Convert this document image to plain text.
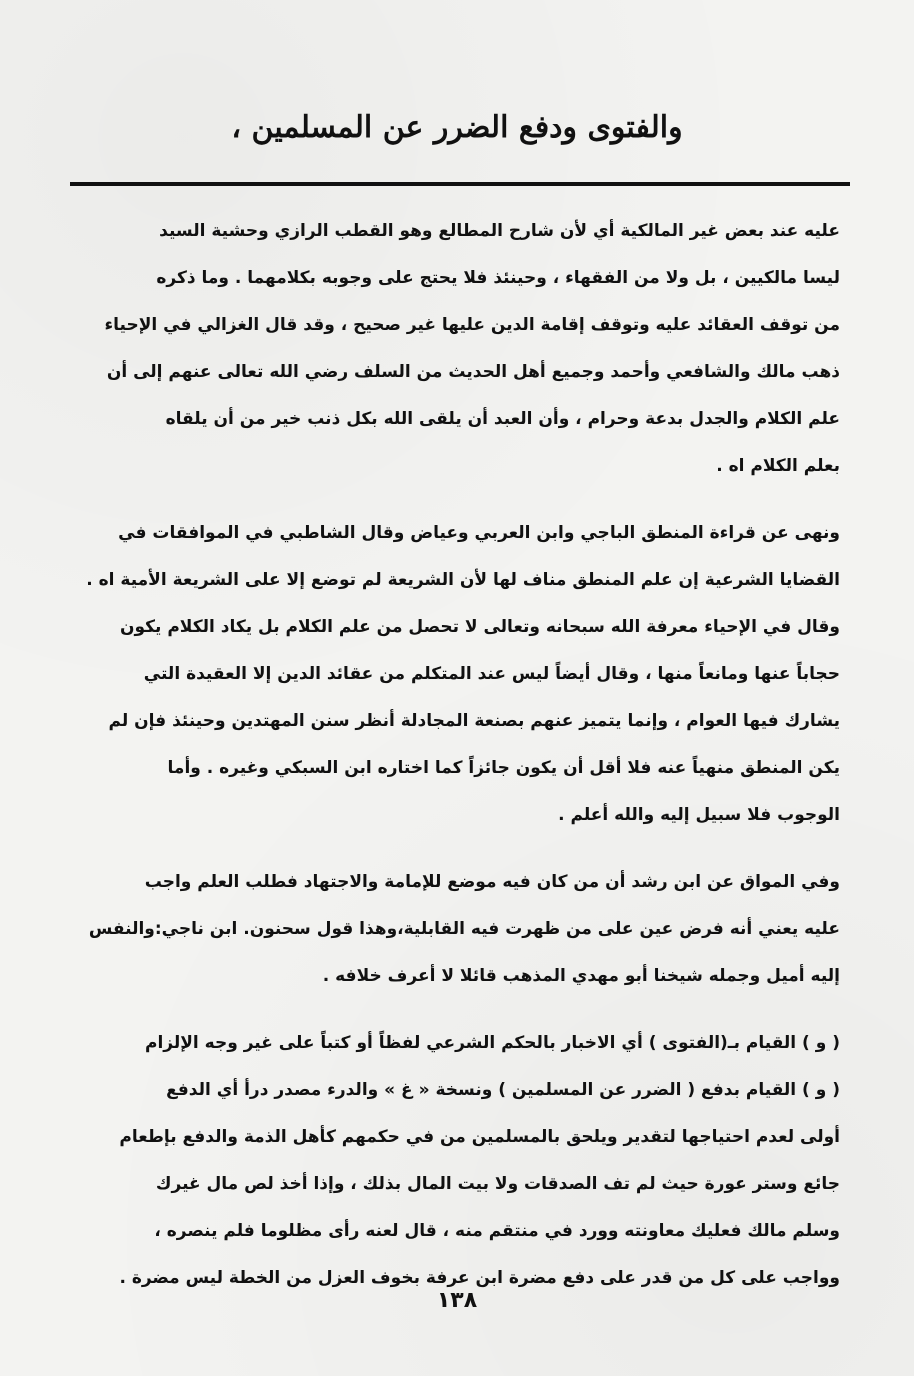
والفتوى ودفع الضرر عن المسلمين ،
عليه عند بعض غير المالكية أي لأن شارح المطالع وهو القطب الرازي وحشية السيد
ليسا مالكيين ، بل ولا من الفقهاء ، وحينئذ فلا يحتج على وجوبه بكلامهما . وما ذكره
من توقف العقائد عليه وتوقف إقامة الدين عليها غير صحيح ، وقد قال الغزالي في الإحياء
ذهب مالك والشافعي وأحمد وجميع أهل الحديث من السلف رضي الله تعالى عنهم إلى أن
علم الكلام والجدل بدعة وحرام ، وأن العبد أن يلقى الله بكل ذنب خير من أن يلقاه
بعلم الكلام اه .
ونهى عن قراءة المنطق الباجي وابن العربي وعياض وقال الشاطبي في الموافقات في
القضايا الشرعية إن علم المنطق مناف لها لأن الشريعة لم توضع إلا على الشريعة الأمية اه .
وقال في الإحياء معرفة الله سبحانه وتعالى لا تحصل من علم الكلام بل يكاد الكلام يكون
حجاباً عنها ومانعاً منها ، وقال أيضاً ليس عند المتكلم من عقائد الدين إلا العقيدة التي
يشارك فيها العوام ، وإنما يتميز عنهم بصنعة المجادلة أنظر سنن المهتدين وحينئذ فإن لم
يكن المنطق منهياً عنه فلا أقل أن يكون جائزاً كما اختاره ابن السبكي وغيره . وأما
الوجوب فلا سبيل إليه والله أعلم .
وفي المواق عن ابن رشد أن من كان فيه موضع للإمامة والاجتهاد فطلب العلم واجب
عليه يعني أنه فرض عين على من ظهرت فيه القابلية،وهذا قول سحنون. ابن ناجي:والنفس
إليه أميل وجمله شيخنا أبو مهدي المذهب قائلا لا أعرف خلافه .
( و ) القيام بـ(الفتوى ) أي الاخبار بالحكم الشرعي لفظاً أو كتباً على غير وجه الإلزام
( و ) القيام بدفع ( الضرر عن المسلمين ) ونسخة « غ » والدرء مصدر درأ أي الدفع
أولى لعدم احتياجها لتقدير ويلحق بالمسلمين من في حكمهم كأهل الذمة والدفع بإطعام
جائع وستر عورة حيث لم تف الصدقات ولا بيت المال بذلك ، وإذا أخذ لص مال غيرك
وسلم مالك فعليك معاونته وورد في منتقم منه ، قال لعنه رأى مظلوما فلم ينصره ،
وواجب على كل من قدر على دفع مضرة ابن عرفة بخوف العزل من الخطة ليس مضرة .
١٣٨
